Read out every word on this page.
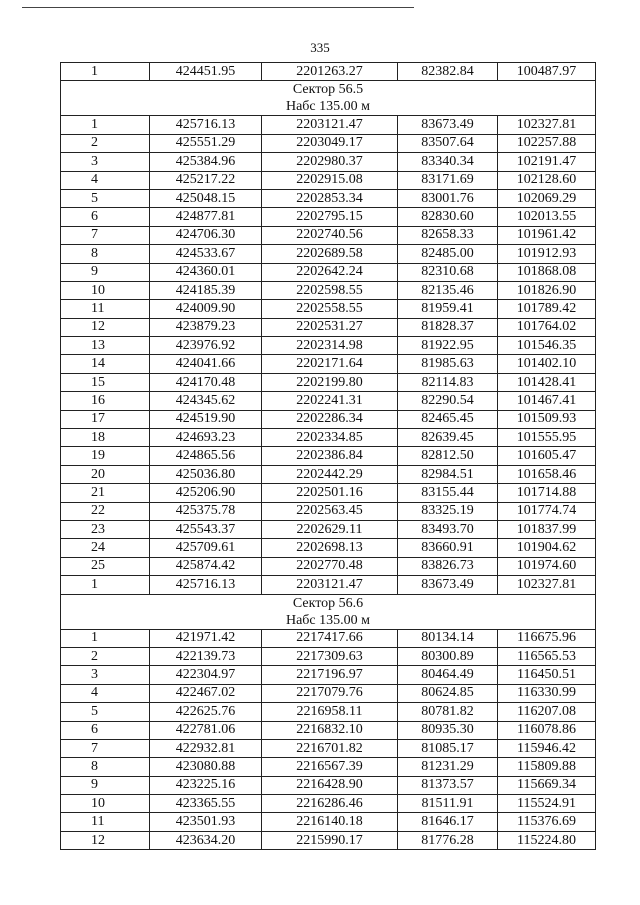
335
1	424451.95	2201263.27	82382.84	100487.97

Сектор 56.5
Набс 135.00 м				

1	425716.13	2203121.47	83673.49	102327.81
2	425551.29	2203049.17	83507.64	102257.88
3	425384.96	2202980.37	83340.34	102191.47
4	425217.22	2202915.08	83171.69	102128.60
5	425048.15	2202853.34	83001.76	102069.29
6	424877.81	2202795.15	82830.60	102013.55
7	424706.30	2202740.56	82658.33	101961.42
8	424533.67	2202689.58	82485.00	101912.93
9	424360.01	2202642.24	82310.68	101868.08
10	424185.39	2202598.55	82135.46	101826.90
11	424009.90	2202558.55	81959.41	101789.42
12	423879.23	2202531.27	81828.37	101764.02
13	423976.92	2202314.98	81922.95	101546.35
14	424041.66	2202171.64	81985.63	101402.10
15	424170.48	2202199.80	82114.83	101428.41
16	424345.62	2202241.31	82290.54	101467.41
17	424519.90	2202286.34	82465.45	101509.93
18	424693.23	2202334.85	82639.45	101555.95
19	424865.56	2202386.84	82812.50	101605.47
20	425036.80	2202442.29	82984.51	101658.46
21	425206.90	2202501.16	83155.44	101714.88
22	425375.78	2202563.45	83325.19	101774.74
23	425543.37	2202629.11	83493.70	101837.99
24	425709.61	2202698.13	83660.91	101904.62
25	425874.42	2202770.48	83826.73	101974.60
1	425716.13	2203121.47	83673.49	102327.81

Сектор 56.6
Набс 135.00 м				

1	421971.42	2217417.66	80134.14	116675.96
2	422139.73	2217309.63	80300.89	116565.53
3	422304.97	2217196.97	80464.49	116450.51
4	422467.02	2217079.76	80624.85	116330.99
5	422625.76	2216958.11	80781.82	116207.08
6	422781.06	2216832.10	80935.30	116078.86
7	422932.81	2216701.82	81085.17	115946.42
8	423080.88	2216567.39	81231.29	115809.88
9	423225.16	2216428.90	81373.57	115669.34
10	423365.55	2216286.46	81511.91	115524.91
11	423501.93	2216140.18	81646.17	115376.69
12	423634.20	2215990.17	81776.28	115224.80
